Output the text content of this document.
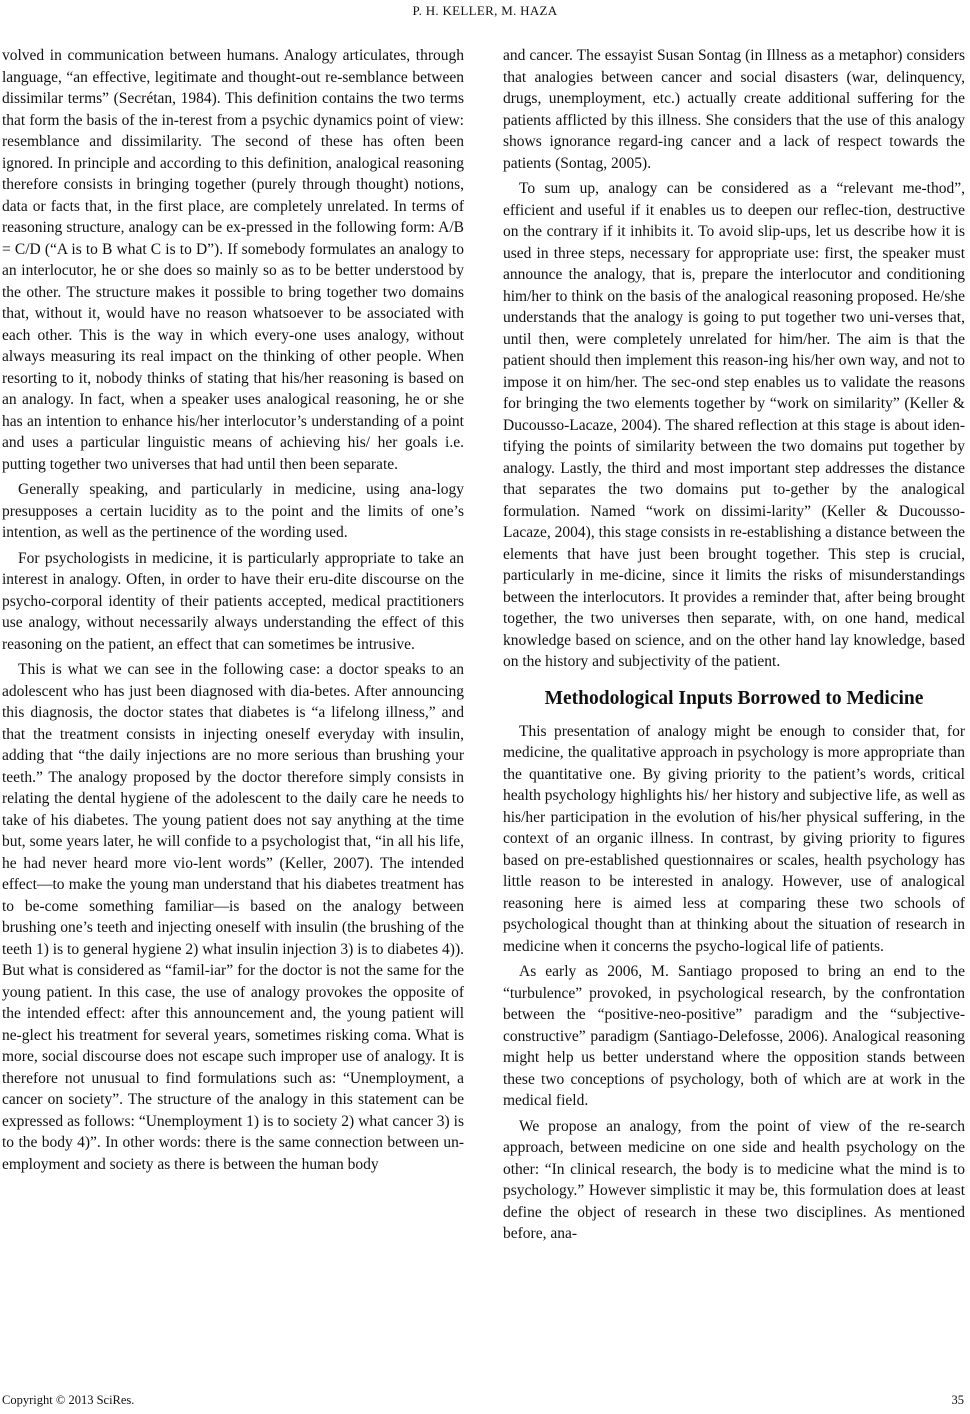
P. H. KELLER, M. HAZA

volved in communication between humans. Analogy articulates, through language, “an effective, legitimate and thought-out re-semblance between dissimilar terms” (Secrétan, 1984). This definition contains the two terms that form the basis of the in-terest from a psychic dynamics point of view: resemblance and dissimilarity. The second of these has often been ignored. In principle and according to this definition, analogical reasoning therefore consists in bringing together (purely through thought) notions, data or facts that, in the first place, are completely unrelated. In terms of reasoning structure, analogy can be ex-pressed in the following form: A/B = C/D (“A is to B what C is to D”). If somebody formulates an analogy to an interlocutor, he or she does so mainly so as to be better understood by the other. The structure makes it possible to bring together two domains that, without it, would have no reason whatsoever to be associated with each other. This is the way in which every-one uses analogy, without always measuring its real impact on the thinking of other people. When resorting to it, nobody thinks of stating that his/her reasoning is based on an analogy. In fact, when a speaker uses analogical reasoning, he or she has an intention to enhance his/her interlocutor’s understanding of a point and uses a particular linguistic means of achieving his/ her goals i.e. putting together two universes that had until then been separate.

Generally speaking, and particularly in medicine, using ana-logy presupposes a certain lucidity as to the point and the limits of one’s intention, as well as the pertinence of the wording used.

For psychologists in medicine, it is particularly appropriate to take an interest in analogy. Often, in order to have their eru-dite discourse on the psycho-corporal identity of their patients accepted, medical practitioners use analogy, without necessarily always understanding the effect of this reasoning on the patient, an effect that can sometimes be intrusive.

This is what we can see in the following case: a doctor speaks to an adolescent who has just been diagnosed with dia-betes. After announcing this diagnosis, the doctor states that diabetes is “a lifelong illness,” and that the treatment consists in injecting oneself everyday with insulin, adding that “the daily injections are no more serious than brushing your teeth.” The analogy proposed by the doctor therefore simply consists in relating the dental hygiene of the adolescent to the daily care he needs to take of his diabetes. The young patient does not say anything at the time but, some years later, he will confide to a psychologist that, “in all his life, he had never heard more vio-lent words” (Keller, 2007). The intended effect—to make the young man understand that his diabetes treatment has to be-come something familiar—is based on the analogy between brushing one’s teeth and injecting oneself with insulin (the brushing of the teeth 1) is to general hygiene 2) what insulin injection 3) is to diabetes 4)). But what is considered as “famil-iar” for the doctor is not the same for the young patient. In this case, the use of analogy provokes the opposite of the intended effect: after this announcement and, the young patient will ne-glect his treatment for several years, sometimes risking coma. What is more, social discourse does not escape such improper use of analogy. It is therefore not unusual to find formulations such as: “Unemployment, a cancer on society”. The structure of the analogy in this statement can be expressed as follows: “Unemployment 1) is to society 2) what cancer 3) is to the body 4)”. In other words: there is the same connection between un-employment and society as there is between the human body

and cancer. The essayist Susan Sontag (in Illness as a metaphor) considers that analogies between cancer and social disasters (war, delinquency, drugs, unemployment, etc.) actually create additional suffering for the patients afflicted by this illness. She considers that the use of this analogy shows ignorance regard-ing cancer and a lack of respect towards the patients (Sontag, 2005).

To sum up, analogy can be considered as a “relevant me-thod”, efficient and useful if it enables us to deepen our reflec-tion, destructive on the contrary if it inhibits it. To avoid slip-ups, let us describe how it is used in three steps, necessary for appropriate use: first, the speaker must announce the analogy, that is, prepare the interlocutor and conditioning him/her to think on the basis of the analogical reasoning proposed. He/she understands that the analogy is going to put together two uni-verses that, until then, were completely unrelated for him/her. The aim is that the patient should then implement this reason-ing his/her own way, and not to impose it on him/her. The sec-ond step enables us to validate the reasons for bringing the two elements together by “work on similarity” (Keller & Ducousso-Lacaze, 2004). The shared reflection at this stage is about iden-tifying the points of similarity between the two domains put together by analogy. Lastly, the third and most important step addresses the distance that separates the two domains put to-gether by the analogical formulation. Named “work on dissimi-larity” (Keller & Ducousso-Lacaze, 2004), this stage consists in re-establishing a distance between the elements that have just been brought together. This step is crucial, particularly in me-dicine, since it limits the risks of misunderstandings between the interlocutors. It provides a reminder that, after being brought together, the two universes then separate, with, on one hand, medical knowledge based on science, and on the other hand lay knowledge, based on the history and subjectivity of the patient.

Methodological Inputs Borrowed to Medicine

This presentation of analogy might be enough to consider that, for medicine, the qualitative approach in psychology is more appropriate than the quantitative one. By giving priority to the patient’s words, critical health psychology highlights his/ her history and subjective life, as well as his/her participation in the evolution of his/her physical suffering, in the context of an organic illness. In contrast, by giving priority to figures based on pre-established questionnaires or scales, health psychology has little reason to be interested in analogy. However, use of analogical reasoning here is aimed less at comparing these two schools of psychological thought than at thinking about the situation of research in medicine when it concerns the psycho-logical life of patients.

As early as 2006, M. Santiago proposed to bring an end to the “turbulence” provoked, in psychological research, by the confrontation between the “positive-neo-positive” paradigm and the “subjective-constructive” paradigm (Santiago-Delefosse, 2006). Analogical reasoning might help us better understand where the opposition stands between these two conceptions of psychology, both of which are at work in the medical field.

We propose an analogy, from the point of view of the re-search approach, between medicine on one side and health psychology on the other: “In clinical research, the body is to medicine what the mind is to psychology.” However simplistic it may be, this formulation does at least define the object of research in these two disciplines. As mentioned before, ana-

Copyright © 2013 SciRes.	35
